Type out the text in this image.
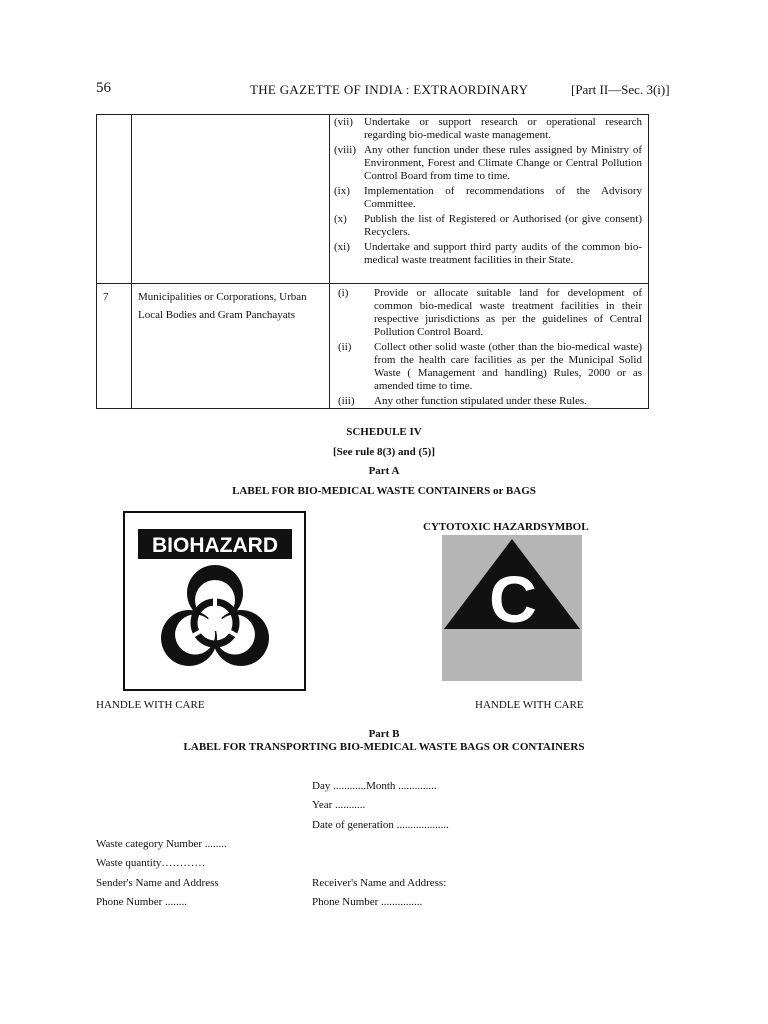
56	THE GAZETTE OF INDIA : EXTRAORDINARY	[Part II—Sec. 3(i)]
(vii)	Undertake or support research or operational research regarding bio-medical waste management.
(viii) Any other function under these rules assigned by Ministry of Environment, Forest and Climate Change or Central Pollution Control Board from time to time.
(ix)	Implementation of recommendations of the Advisory Committee.
(x)	Publish the list of Registered or Authorised (or give consent) Recyclers.
(xi)	Undertake and support third party audits of the common bio-medical waste treatment facilities in their State.
7	Municipalities or Corporations, Urban Local Bodies and Gram Panchayats
(i)	Provide or allocate suitable land for development of common bio-medical waste treatment facilities in their respective jurisdictions as per the guidelines of Central Pollution Control Board.
(ii)	Collect other solid waste (other than the bio-medical waste) from the health care facilities as per the Municipal Solid Waste ( Management and handling) Rules, 2000 or as amended time to time.
(iii)	Any other function stipulated under these Rules.
SCHEDULE IV
[See rule 8(3) and (5)]
Part A
LABEL FOR BIO-MEDICAL WASTE CONTAINERS or BAGS
BIOHAZARD
CYTOTOXIC HAZARDSYMBOL
C
HANDLE WITH CARE	HANDLE WITH CARE
Part B
LABEL FOR TRANSPORTING BIO-MEDICAL WASTE BAGS OR CONTAINERS
Day ............Month ..............
Year ...........
Date of generation ...................
Waste category Number ........
Waste quantity…………
Sender's Name and Address	Receiver's Name and Address:
Phone Number ........	Phone Number ...............
